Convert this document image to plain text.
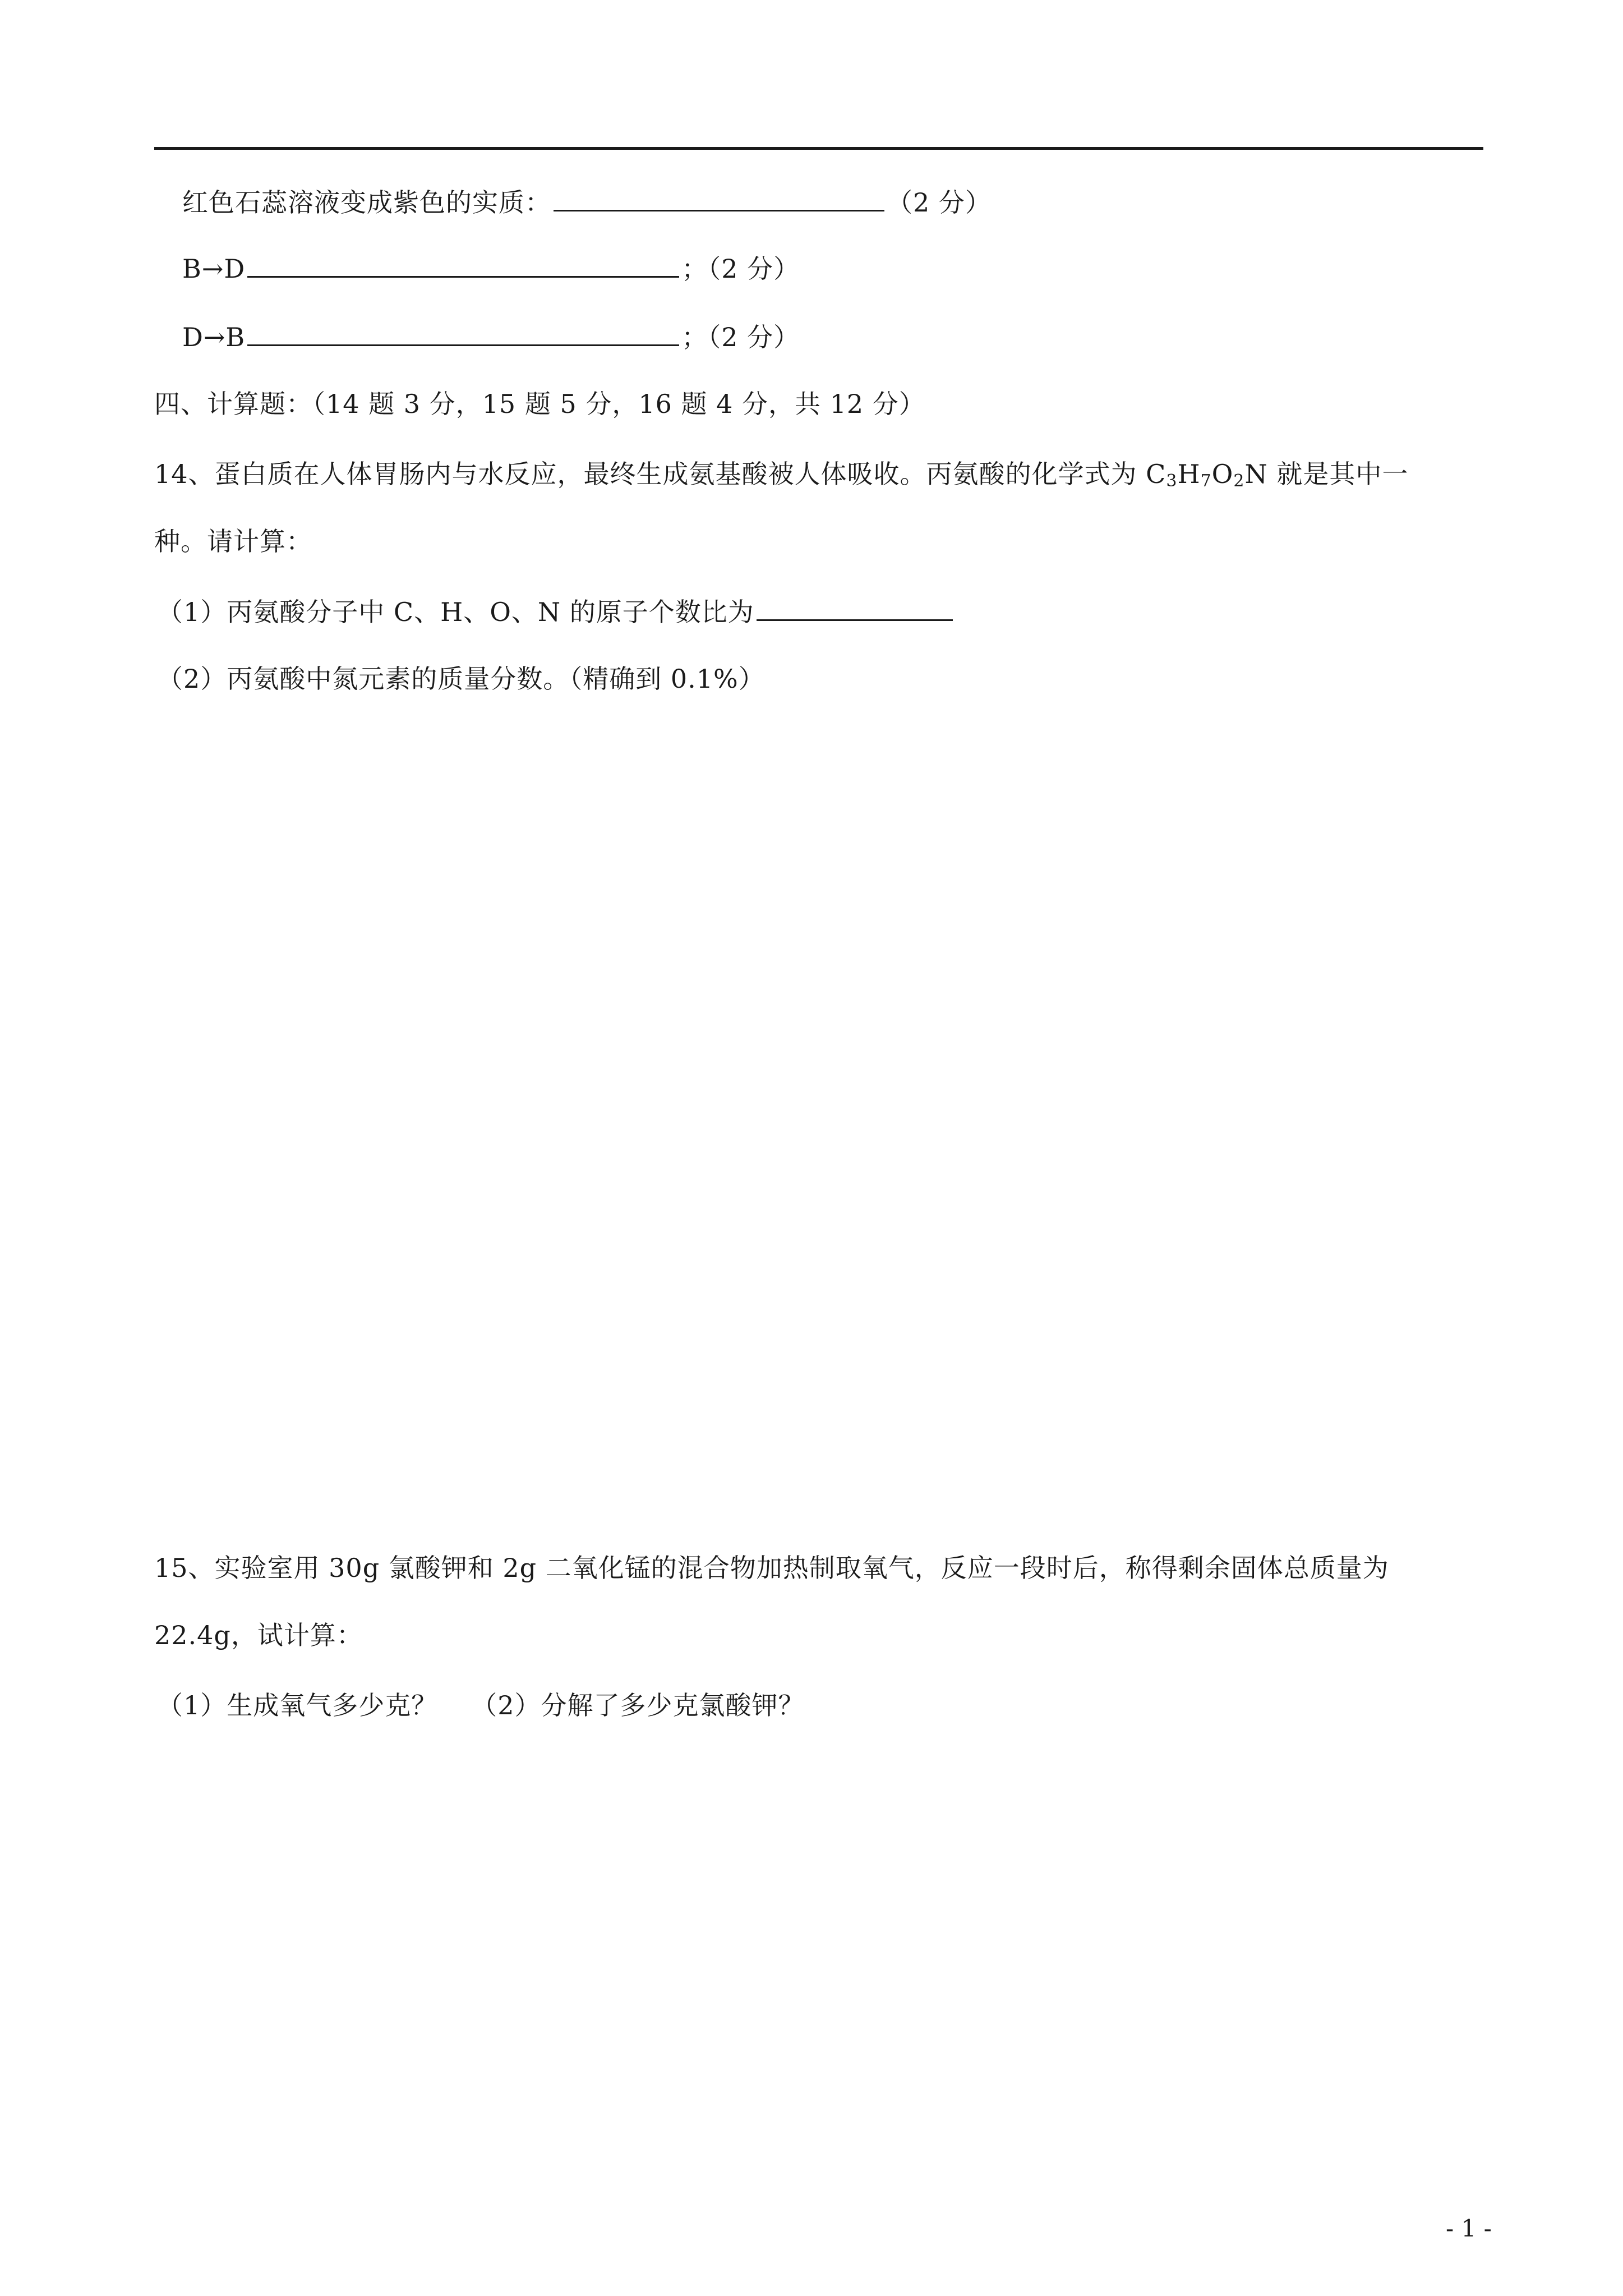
红色石蕊溶液变成紫色的实质：	（2 分）
B→D	；（2 分）
D→B	；（2 分）
四、计算题：（14 题 3 分，15 题 5 分，16 题 4 分，共 12 分）
14、蛋白质在人体胃肠内与水反应，最终生成氨基酸被人体吸收。丙氨酸的化学式为 $C_3H_7O_2N$ 就是其中一
种。请计算：
（1）丙氨酸分子中 C、H、O、N 的原子个数比为
（2）丙氨酸中氮元素的质量分数。（精确到 0.1%）
15、实验室用 30g 氯酸钾和 2g 二氧化锰的混合物加热制取氧气，反应一段时后，称得剩余固体总质量为
22.4g，试计算：
（1）生成氧气多少克？ （2）分解了多少克氯酸钾？
- 1 -
